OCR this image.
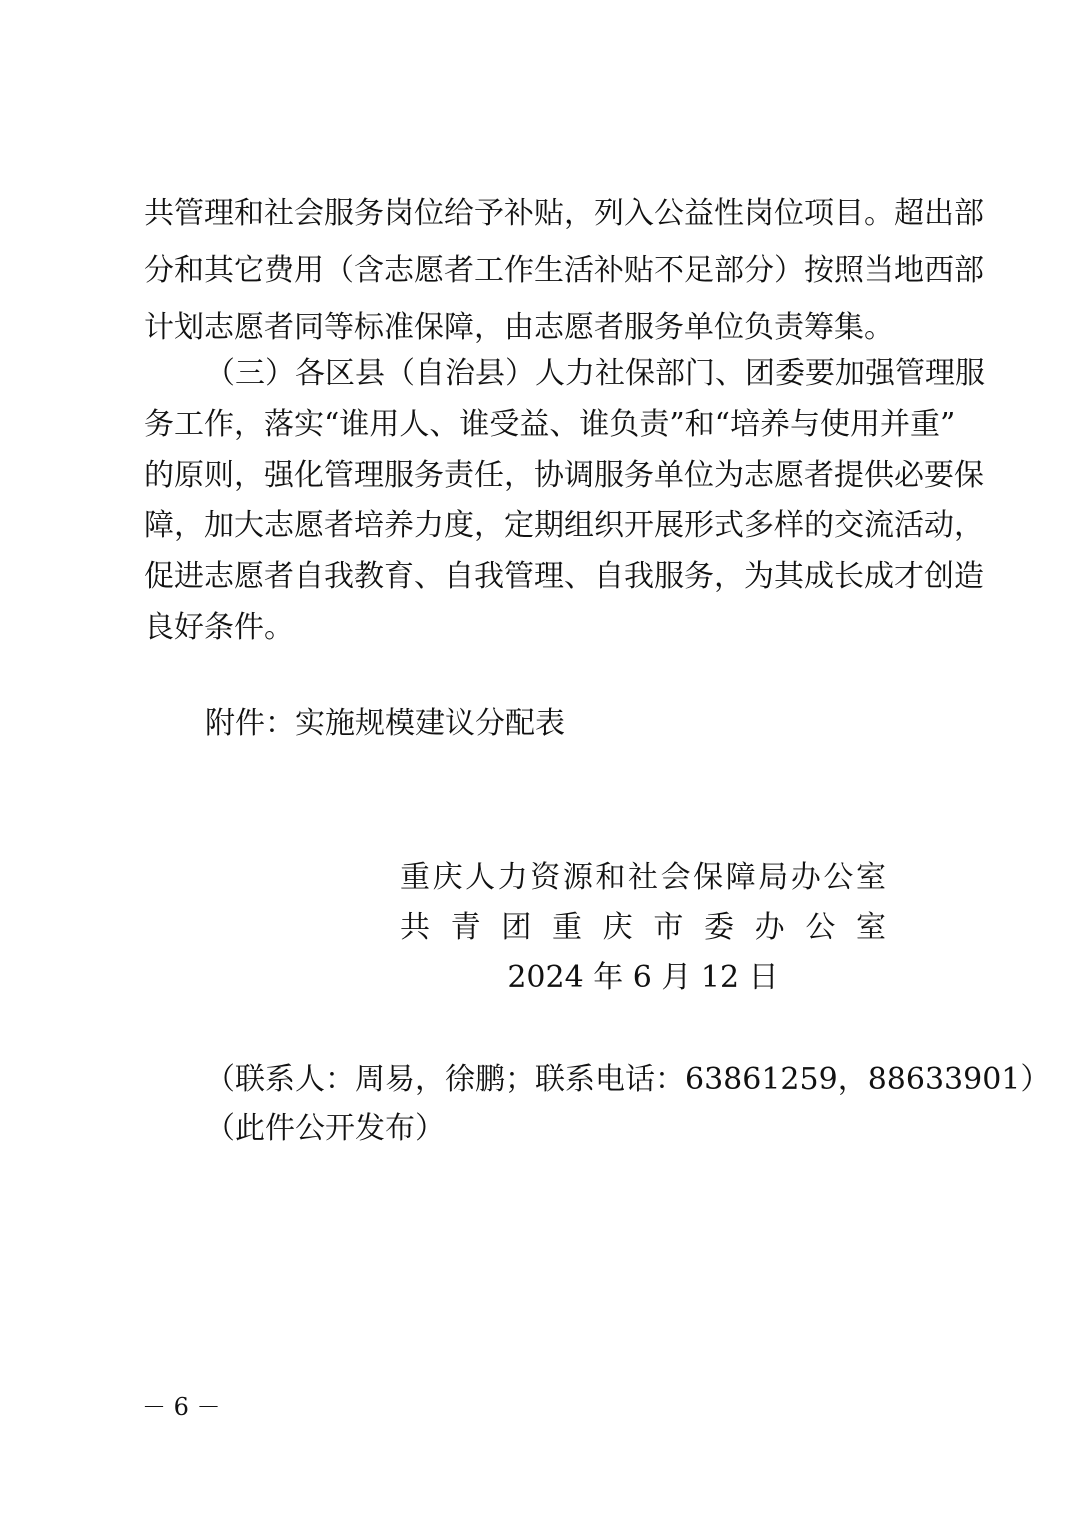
共管理和社会服务岗位给予补贴，列入公益性岗位项目。超出部
分和其它费用（含志愿者工作生活补贴不足部分）按照当地西部
计划志愿者同等标准保障，由志愿者服务单位负责筹集。
（三）各区县（自治县）人力社保部门、团委要加强管理服
务工作，落实“谁用人、谁受益、谁负责”和“培养与使用并重”
的原则，强化管理服务责任，协调服务单位为志愿者提供必要保
障，加大志愿者培养力度，定期组织开展形式多样的交流活动，
促进志愿者自我教育、自我管理、自我服务，为其成长成才创造
良好条件。
附件：实施规模建议分配表
重庆人力资源和社会保障局办公室
共青团重庆市委办公室
2024 年 6 月 12 日
（联系人：周易，徐鹏；联系电话：63861259，88633901）
（此件公开发布）
－ 6 －
